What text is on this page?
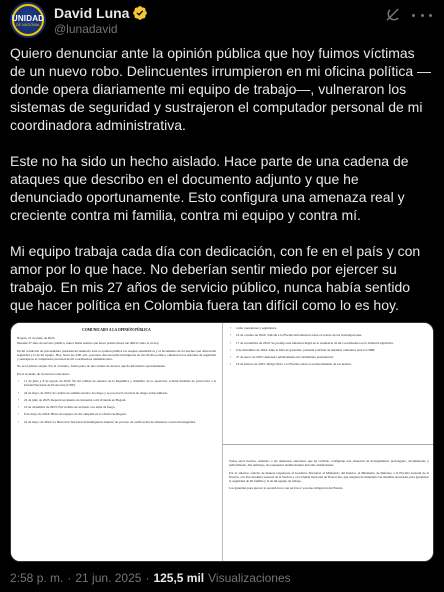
UNIDAD
DE NACIONAL
David Luna
@lunadavid

Quiero denunciar ante la opinión pública que hoy fuimos víctimas de un nuevo robo. Delincuentes irrumpieron en mi oficina política —donde opera diariamente mi equipo de trabajo—, vulneraron los sistemas de seguridad y sustrajeron el computador personal de mi coordinadora administrativa.

Este no ha sido un hecho aislado. Hace parte de una cadena de ataques que describo en el documento adjunto y que he denunciado oportunamente. Esto configura una amenaza real y creciente contra mi familia, contra mi equipo y contra mí.

Mi equipo trabaja cada día con dedicación, con fe en el país y con amor por lo que hace. No deberían sentir miedo por ejercer su trabajo. En mis 27 años de servicio público, nunca había sentido que hacer política en Colombia fuera tan difícil como lo es hoy.

COMUNICADO A LA OPINIÓN PÚBLICA
Bogotá, 21 de junio de 2025.
Durante 27 años de servicio público, nunca había sentido que hacer política fuera tan difícil como lo es hoy.
En mi condición de precandidato presidencial denuncio ante la opinión pública los ataques sistemáticos y el incremento de los hechos que afectan mi seguridad y la de mi equipo. Hoy, hacia las 4:00 a.m., personas desconocidas irrumpieron en mi oficina política, vulneraron los sistemas de seguridad y sustrajeron el computador personal de mi coordinadora administrativa.
No es el primer ataque. Por el contrario, forma parte de una cadena de sucesos que he informado oportunamente.
En el recuento de los hechos relevantes:
• 11 de julio y 8 de agosto de 2022: En mi calidad de senador de la República y miembro de la oposición, solicité medidas de protección a la Unidad Nacional de Protección (UNP).
• 24 de mayo de 2023: Se realizó un análisis técnico de riesgo y se reconoció un nivel de riesgo extraordinario.
• 22 de julio de 2023: Reporté un intento de intrusión a mi vivienda en Bogotá.
• 16 de diciembre de 2023: Fui víctima de un hurto con arma de fuego.
• 8 de mayo de 2024: Hurto de equipos de mi campaña en la oficina de Bogotá.
• 16 de mayo de 2024: La Dirección Nacional de Inteligencia anunció un proceso de verificación de amenazas contra mi integridad.
• como operadores y seguidores.
• 16 de octubre de 2024: Solicité a la Fiscalía información sobre el avance de las investigaciones.
• 17 de noviembre de 2024: Se produjo una intrusión ilegal en la residencia de mi coordinadora en la Unidad Legislativa.
• 9 de diciembre de 2024: Ante la falta de garantías, presenté solicitud de medidas cautelares ante la CIDH.
• 27 de enero de 2025: Amenazó públicamente mi candidatura presidencial.
• 19 de febrero de 2025: Dirigí oficio a la Fiscalía sobre el esclarecimiento de los hechos.
Todos estos hechos, sumados a las amenazas anteriores que he recibido configuran una situación de hostigamiento prolongado, documentado y judicializado. Sin embargo, las respuestas institucionales han sido insuficientes.
Por lo anterior, solicito de manera respetuosa al Gobierno Nacional, al Ministerio del Interior, al Ministerio de Defensa, a la Fiscalía General de la Nación, a la Procuraduría General de la Nación y a la Unidad Nacional de Protección, que adopten de inmediato las medidas necesarias para garantizar la seguridad de mi familia y la de mi equipo de trabajo.
Las garantías para ejercer la oposición no son un favor: son una obligación del Estado.
2:58 p. m. · 21 jun. 2025 · 125,5 mil Visualizaciones
